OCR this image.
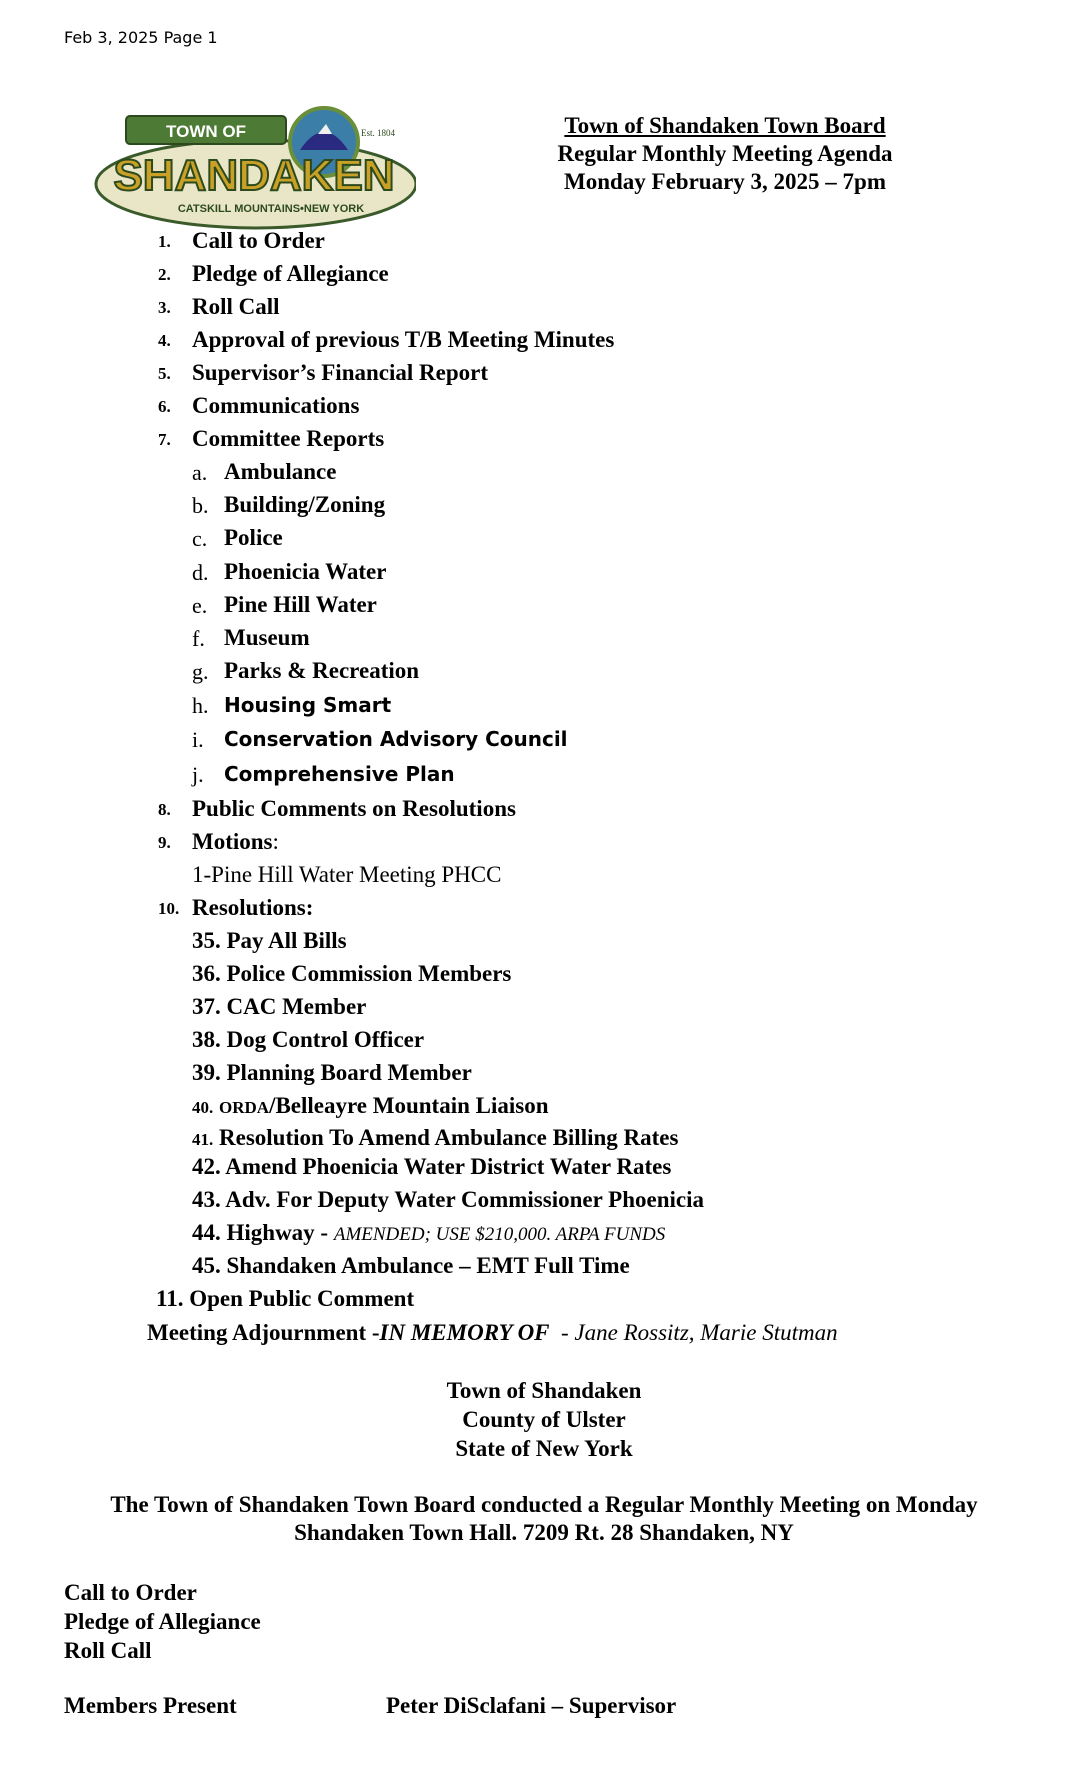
Feb 3, 2025 Page 1
TOWN OF	Est. 1804
SHANDAKEN
CATSKILL MOUNTAINS•NEW YORK
Town of Shandaken Town Board
Regular Monthly Meeting Agenda
Monday February 3, 2025 – 7pm
1. Call to Order
2. Pledge of Allegiance
3. Roll Call
4. Approval of previous T/B Meeting Minutes
5. Supervisor’s Financial Report
6. Communications
7. Committee Reports
a. Ambulance
b. Building/Zoning
c. Police
d. Phoenicia Water
e. Pine Hill Water
f. Museum
g. Parks & Recreation
h. Housing Smart
i. Conservation Advisory Council
j. Comprehensive Plan
8. Public Comments on Resolutions
9. Motions:
1-Pine Hill Water Meeting PHCC
10. Resolutions:
35. Pay All Bills
36. Police Commission Members
37. CAC Member
38. Dog Control Officer
39. Planning Board Member
40. ORDA/Belleayre Mountain Liaison
41. Resolution To Amend Ambulance Billing Rates
42. Amend Phoenicia Water District Water Rates
43. Adv. For Deputy Water Commissioner Phoenicia
44. Highway - AMENDED; USE $210,000. ARPA FUNDS
45. Shandaken Ambulance – EMT Full Time
11. Open Public Comment
Meeting Adjournment -IN MEMORY OF - Jane Rossitz, Marie Stutman
Town of Shandaken
County of Ulster
State of New York
The Town of Shandaken Town Board conducted a Regular Monthly Meeting on Monday
Shandaken Town Hall. 7209 Rt. 28 Shandaken, NY
Call to Order
Pledge of Allegiance
Roll Call
Members Present	Peter DiSclafani – Supervisor
